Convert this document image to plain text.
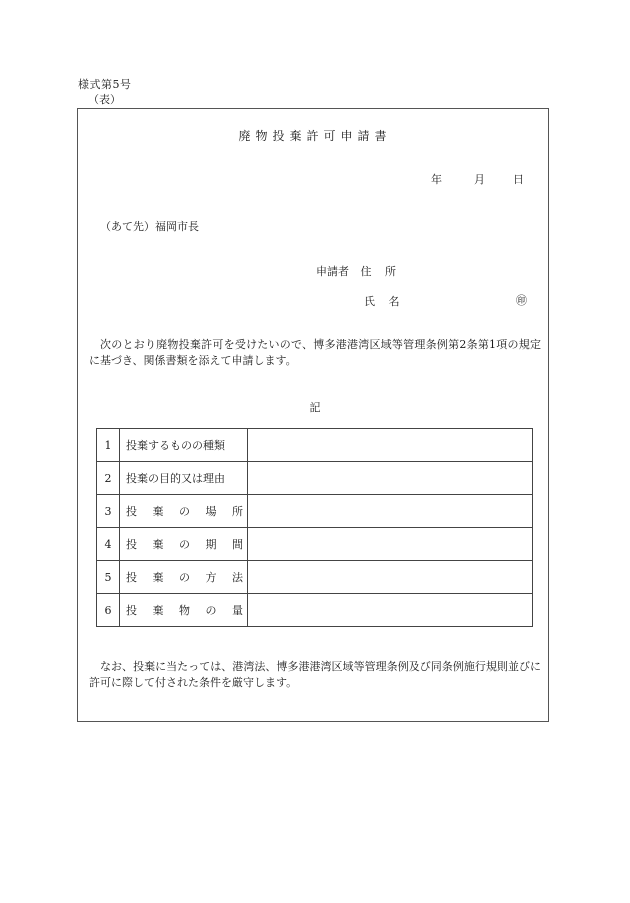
様式第5号
（表）
廃物投棄許可申請書
年	月	日
（あて先）福岡市長
申請者 住 所
氏 名	㊞
次のとおり廃物投棄許可を受けたいので、博多港港湾区域等管理条例第2条第1項の規定に基づき、関係書類を添えて申請します。
記
1	投棄するものの種類	
2	投棄の目的又は理由	
3	投 棄 の 場 所	

4	投 棄 の 期 間	

5	投 棄 の 方 法	

6	投 棄 物 の 量	

なお、投棄に当たっては、港湾法、博多港港湾区域等管理条例及び同条例施行規則並びに許可に際して付された条件を厳守します。
